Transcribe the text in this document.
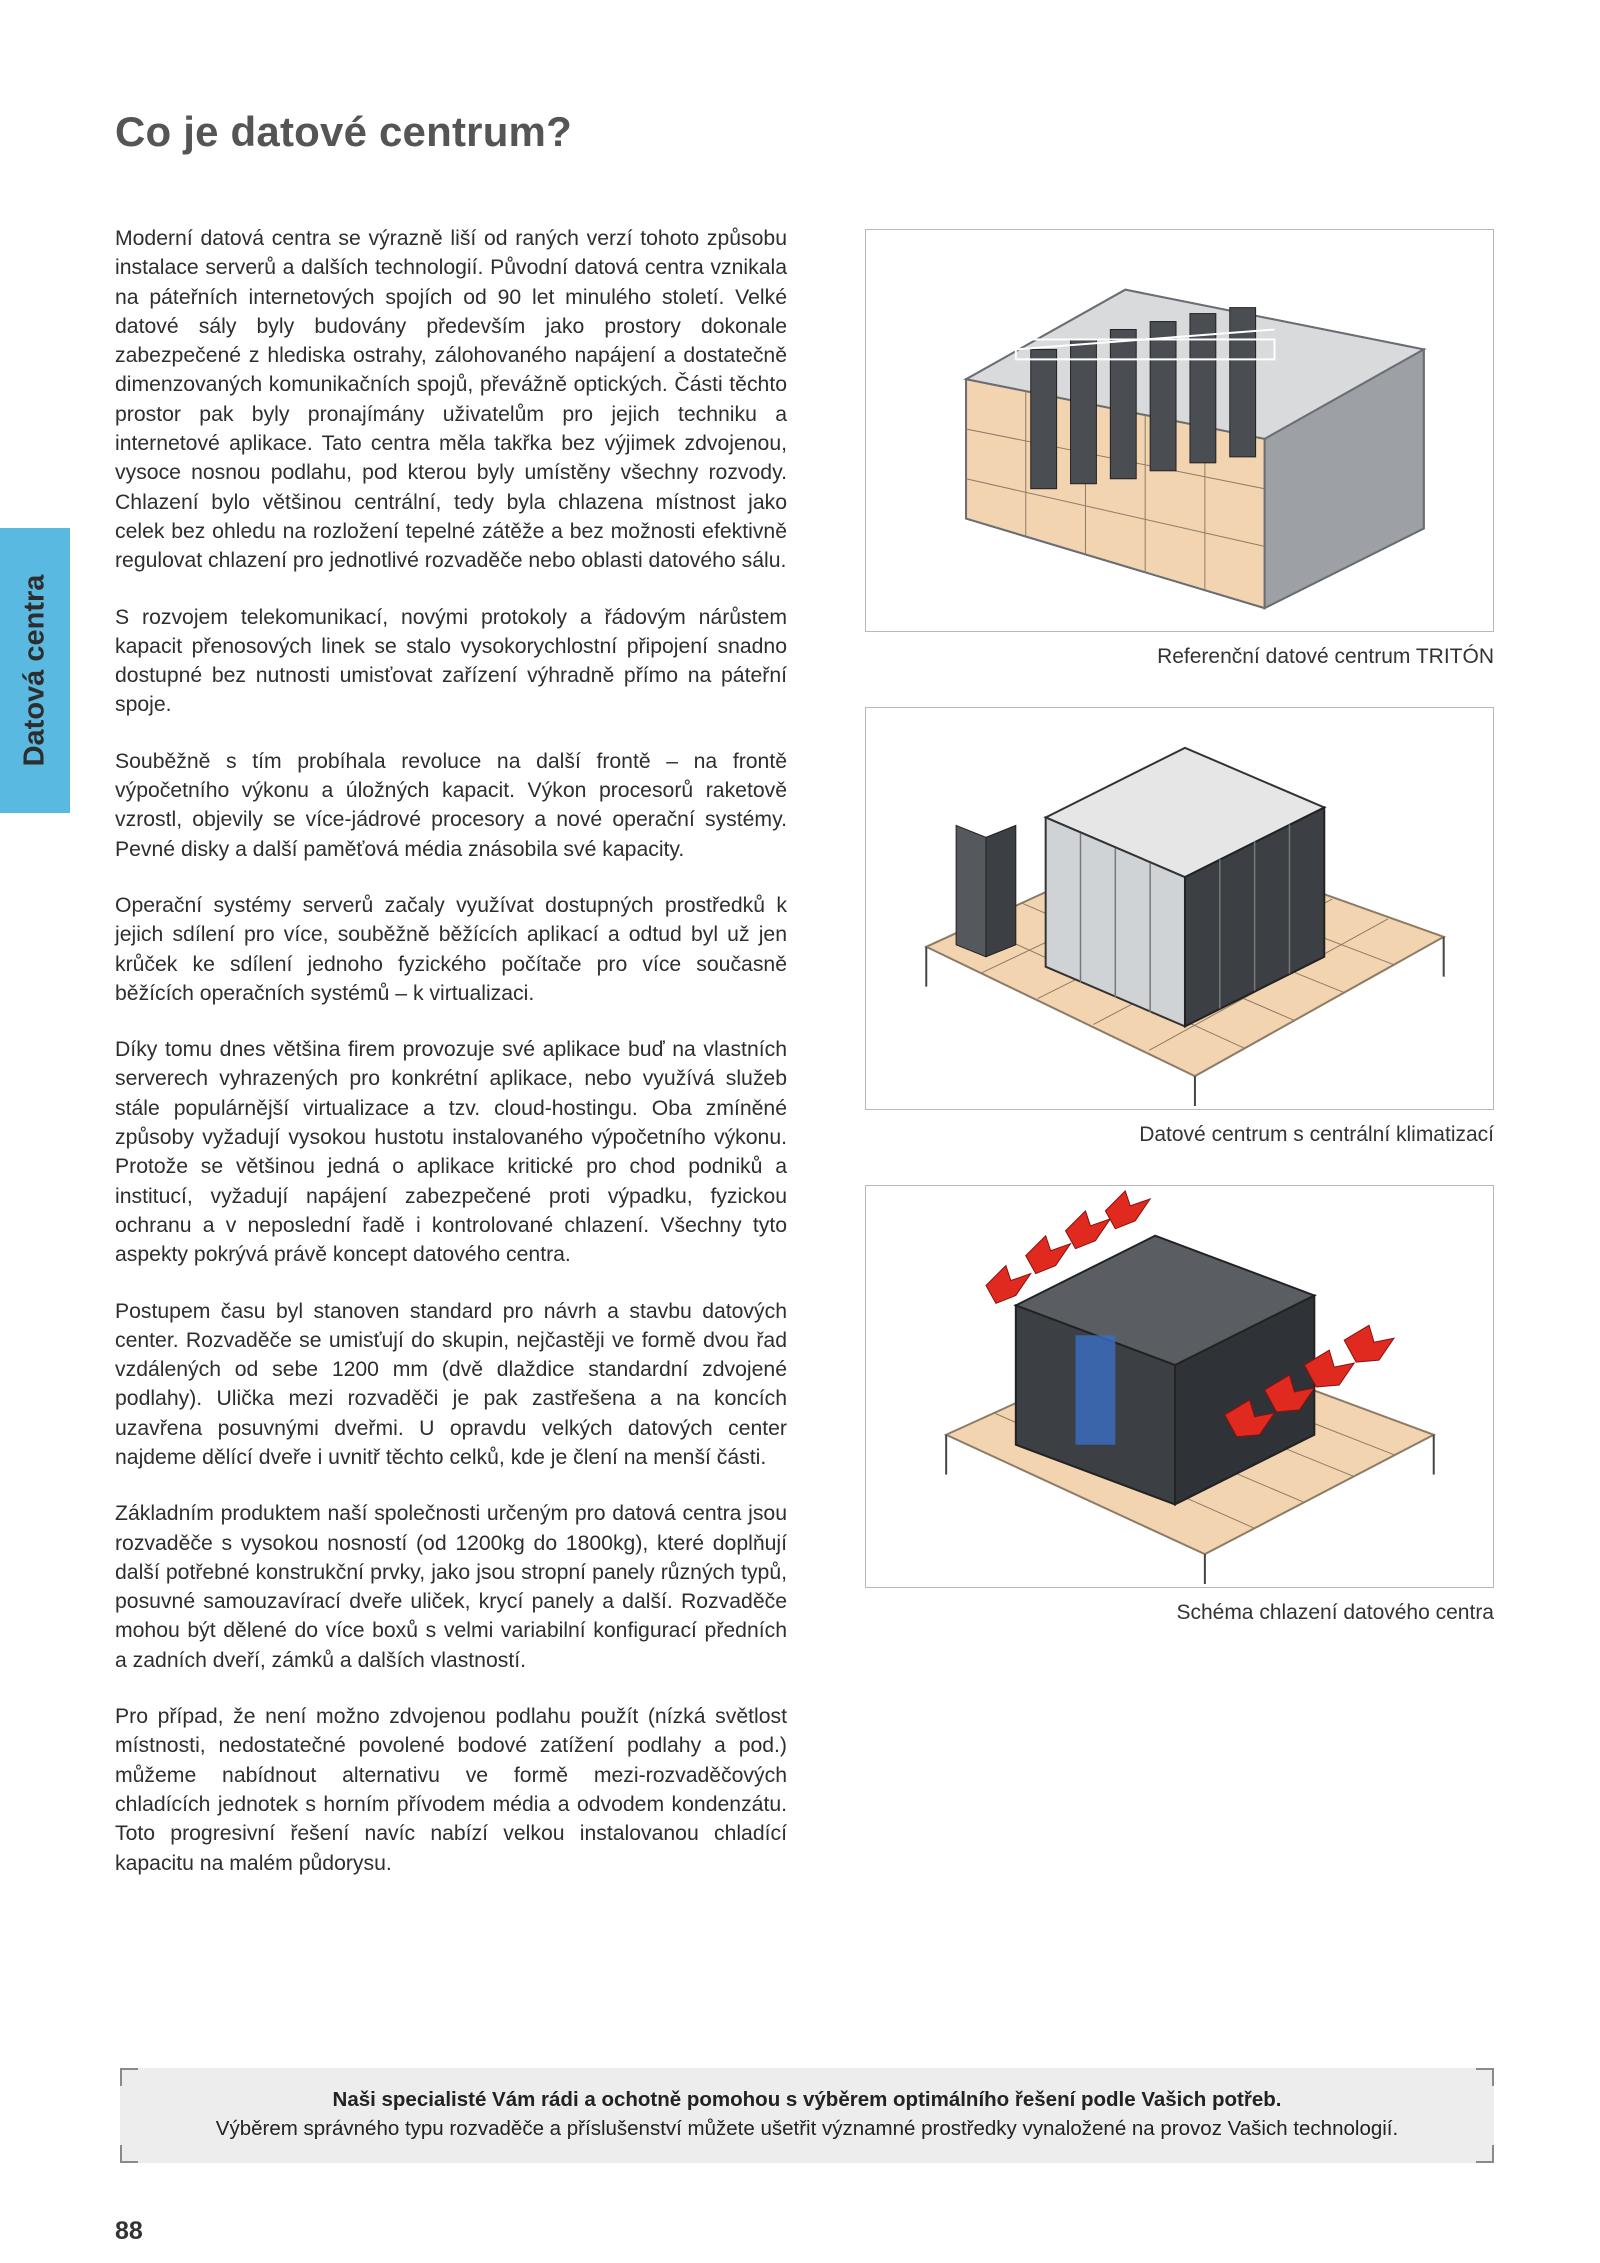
Co je datové centrum?
Datová centra

Moderní datová centra se výrazně liší od raných verzí tohoto způsobu instalace serverů a dalších technologií. Původní datová centra vznikala na páteřních internetových spojích od 90 let minulého století. Velké datové sály byly budovány především jako prostory dokonale zabezpečené z hlediska ostrahy, zálohovaného napájení a dostatečně dimenzovaných komunikačních spojů, převážně optických. Části těchto prostor pak byly pronajímány uživatelům pro jejich techniku a internetové aplikace. Tato centra měla takřka bez výjimek zdvojenou, vysoce nosnou podlahu, pod kterou byly umístěny všechny rozvody. Chlazení bylo většinou centrální, tedy byla chlazena místnost jako celek bez ohledu na rozložení tepelné zátěže a bez možnosti efektivně regulovat chlazení pro jednotlivé rozvaděče nebo oblasti datového sálu.

S rozvojem telekomunikací, novými protokoly a řádovým nárůstem kapacit přenosových linek se stalo vysokorychlostní připojení snadno dostupné bez nutnosti umisťovat zařízení výhradně přímo na páteřní spoje.

Souběžně s tím probíhala revoluce na další frontě – na frontě výpočetního výkonu a úložných kapacit. Výkon procesorů raketově vzrostl, objevily se více-jádrové procesory a nové operační systémy. Pevné disky a další paměťová média znásobila své kapacity.

Operační systémy serverů začaly využívat dostupných prostředků k jejich sdílení pro více, souběžně běžících aplikací a odtud byl už jen krůček ke sdílení jednoho fyzického počítače pro více současně běžících operačních systémů – k virtualizaci.

Díky tomu dnes většina firem provozuje své aplikace buď na vlastních serverech vyhrazených pro konkrétní aplikace, nebo využívá služeb stále populárnější virtualizace a tzv. cloud-hostingu. Oba zmíněné způsoby vyžadují vysokou hustotu instalovaného výpočetního výkonu. Protože se většinou jedná o aplikace kritické pro chod podniků a institucí, vyžadují napájení zabezpečené proti výpadku, fyzickou ochranu a v neposlední řadě i kontrolované chlazení. Všechny tyto aspekty pokrývá právě koncept datového centra.

Postupem času byl stanoven standard pro návrh a stavbu datových center. Rozvaděče se umisťují do skupin, nejčastěji ve formě dvou řad vzdálených od sebe 1200 mm (dvě dlaždice standardní zdvojené podlahy). Ulička mezi rozvaděči je pak zastřešena a na koncích uzavřena posuvnými dveřmi. U opravdu velkých datových center najdeme dělící dveře i uvnitř těchto celků, kde je člení na menší části.

Základním produktem naší společnosti určeným pro datová centra jsou rozvaděče s vysokou nosností (od 1200kg do 1800kg), které doplňují další potřebné konstrukční prvky, jako jsou stropní panely různých typů, posuvné samouzavírací dveře uliček, krycí panely a další. Rozvaděče mohou být dělené do více boxů s velmi variabilní konfigurací předních a zadních dveří, zámků a dalších vlastností.

Pro případ, že není možno zdvojenou podlahu použít (nízká světlost místnosti, nedostatečné povolené bodové zatížení podlahy a pod.) můžeme nabídnout alternativu ve formě mezi-rozvaděčových chladících jednotek s horním přívodem média a odvodem kondenzátu. Toto progresivní řešení navíc nabízí velkou instalovanou chladící kapacitu na malém půdorysu.

Referenční datové centrum TRITÓN
Datové centrum s centrální klimatizací
Schéma chlazení datového centra
Naši specialisté Vám rádi a ochotně pomohou s výběrem optimálního řešení podle Vašich potřeb.
Výběrem správného typu rozvaděče a příslušenství můžete ušetřit významné prostředky vynaložené na provoz Vašich technologií.
88
